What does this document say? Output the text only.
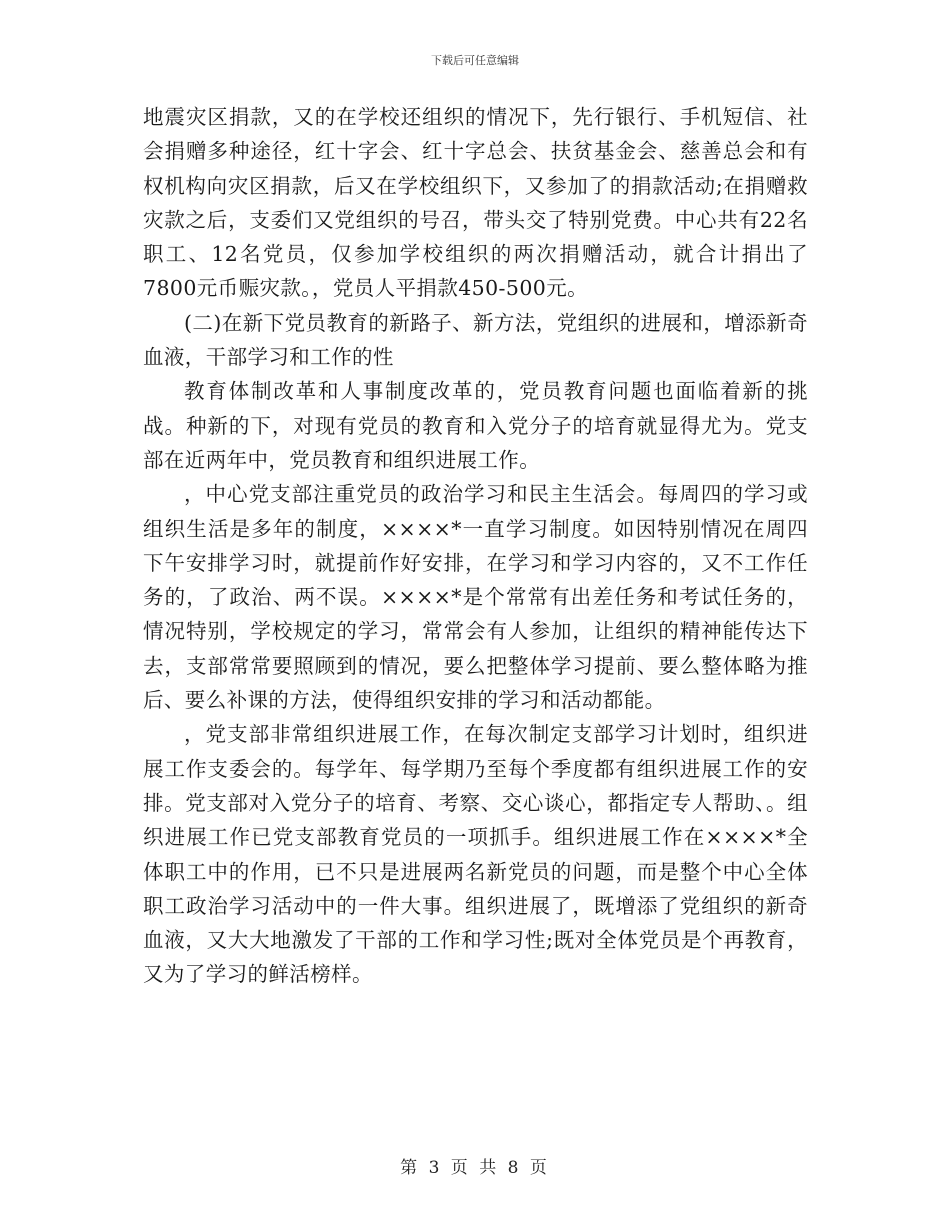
下载后可任意编辑

地震灾区捐款，又的在学校还组织的情况下，先行银行、手机短信、社会捐赠多种途径，红十字会、红十字总会、扶贫基金会、慈善总会和有权机构向灾区捐款，后又在学校组织下，又参加了的捐款活动;在捐赠救灾款之后，支委们又党组织的号召，带头交了特别党费。中心共有22名职工、12名党员，仅参加学校组织的两次捐赠活动，就合计捐出了7800元币赈灾款。，党员人平捐款450-500元。

(二)在新下党员教育的新路子、新方法，党组织的进展和，增添新奇血液，干部学习和工作的性

教育体制改革和人事制度改革的，党员教育问题也面临着新的挑战。种新的下，对现有党员的教育和入党分子的培育就显得尤为。党支部在近两年中，党员教育和组织进展工作。

，中心党支部注重党员的政治学习和民主生活会。每周四的学习或组织生活是多年的制度，××××*一直学习制度。如因特别情况在周四下午安排学习时，就提前作好安排，在学习和学习内容的，又不工作任务的，了政治、两不误。××××*是个常常有出差任务和考试任务的，情况特别，学校规定的学习，常常会有人参加，让组织的精神能传达下去，支部常常要照顾到的情况，要么把整体学习提前、要么整体略为推后、要么补课的方法，使得组织安排的学习和活动都能。

，党支部非常组织进展工作，在每次制定支部学习计划时，组织进展工作支委会的。每学年、每学期乃至每个季度都有组织进展工作的安排。党支部对入党分子的培育、考察、交心谈心，都指定专人帮助、。组织进展工作已党支部教育党员的一项抓手。组织进展工作在××××*全体职工中的作用，已不只是进展两名新党员的问题，而是整个中心全体职工政治学习活动中的一件大事。组织进展了，既增添了党组织的新奇血液，又大大地激发了干部的工作和学习性;既对全体党员是个再教育，又为了学习的鲜活榜样。

第 3 页 共 8 页
